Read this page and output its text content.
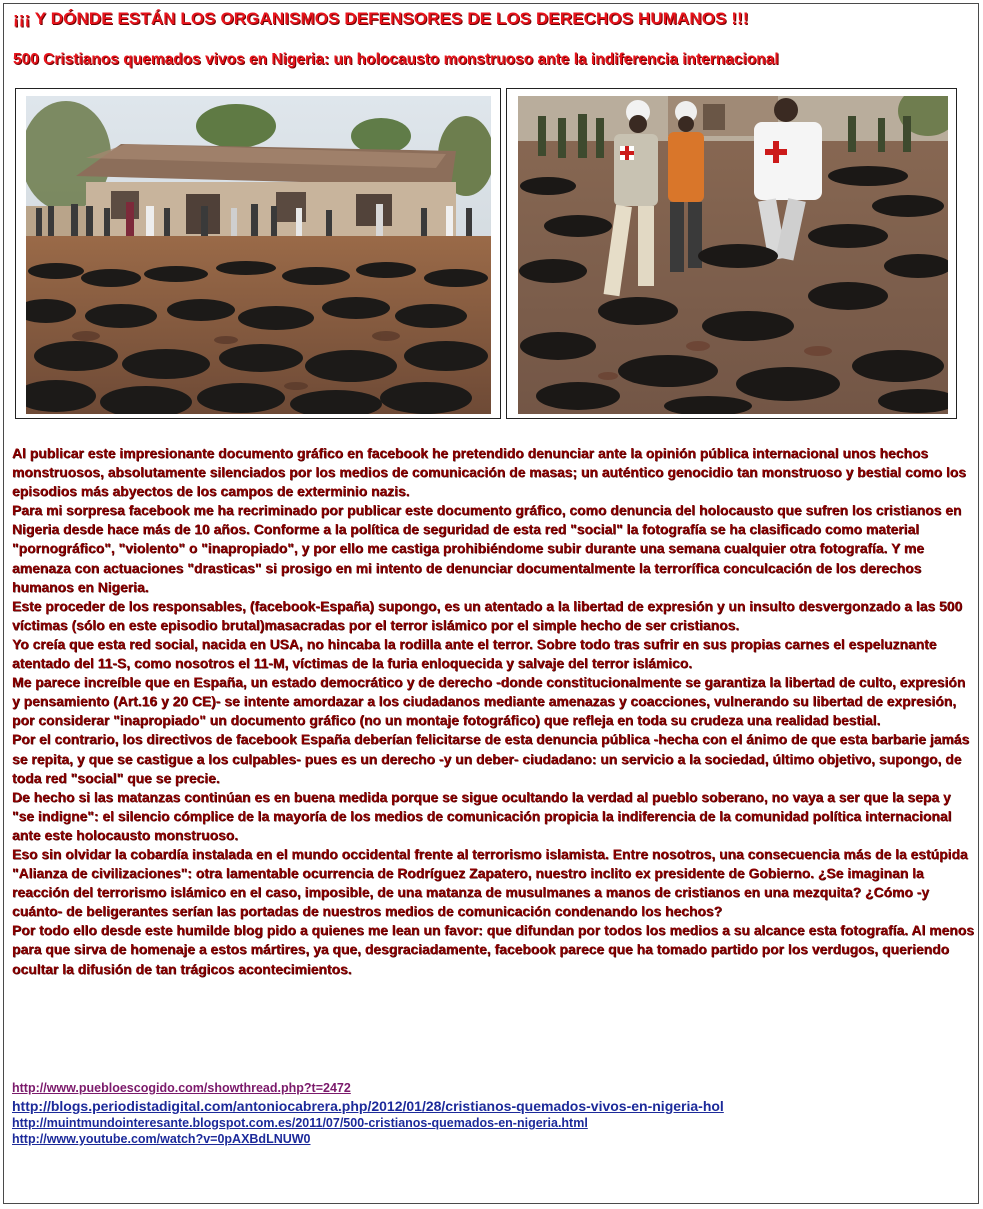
¡¡¡ Y DÓNDE ESTÁN LOS ORGANISMOS DEFENSORES DE LOS DERECHOS HUMANOS !!!
500 Cristianos quemados vivos en Nigeria: un holocausto monstruoso ante la indiferencia internacional

Al publicar este impresionante documento gráfico en facebook he pretendido denunciar ante la opinión pública internacional unos hechos monstruosos, absolutamente silenciados por los medios de comunicación de masas; un auténtico genocidio tan monstruoso y bestial como los episodios más abyectos de los campos de exterminio nazis.

Para mi sorpresa facebook me ha recriminado por publicar este documento gráfico, como denuncia del holocausto que sufren los cristianos en Nigeria desde hace más de 10 años. Conforme a la política de seguridad de esta red "social" la fotografía se ha clasificado como material "pornográfico", "violento" o "inapropiado", y por ello me castiga prohibiéndome subir durante una semana cualquier otra fotografía. Y me amenaza con actuaciones "drasticas" si prosigo en mi intento de denunciar documentalmente la terrorífica conculcación de los derechos humanos en Nigeria.

Este proceder de los responsables, (facebook-España) supongo, es un atentado a la libertad de expresión y un insulto desvergonzado a las 500 víctimas (sólo en este episodio brutal)masacradas por el terror islámico por el simple hecho de ser cristianos.

Yo creía que esta red social, nacida en USA, no hincaba la rodilla ante el terror. Sobre todo tras sufrir en sus propias carnes el espeluznante atentado del 11-S, como nosotros el 11-M, víctimas de la furia enloquecida y salvaje del terror islámico.

Me parece increíble que en España, un estado democrático y de derecho -donde constitucionalmente se garantiza la libertad de culto, expresión y pensamiento (Art.16 y 20 CE)- se intente amordazar a los ciudadanos mediante amenazas y coacciones, vulnerando su libertad de expresión, por considerar "inapropiado" un documento gráfico (no un montaje fotográfico) que refleja en toda su crudeza una realidad bestial.

Por el contrario, los directivos de facebook España deberían felicitarse de esta denuncia pública -hecha con el ánimo de que esta barbarie jamás se repita, y que se castigue a los culpables- pues es un derecho -y un deber- ciudadano: un servicio a la sociedad, último objetivo, supongo, de toda red "social" que se precie.

De hecho si las matanzas continúan es en buena medida porque se sigue ocultando la verdad al pueblo soberano, no vaya a ser que la sepa y "se indigne": el silencio cómplice de la mayoría de los medios de comunicación propicia la indiferencia de la comunidad política internacional ante este holocausto monstruoso.

Eso sin olvidar la cobardía instalada en el mundo occidental frente al terrorismo islamista. Entre nosotros, una consecuencia más de la estúpida "Alianza de civilizaciones": otra lamentable ocurrencia de Rodríguez Zapatero, nuestro inclito ex presidente de Gobierno. ¿Se imaginan la reacción del terrorismo islámico en el caso, imposible, de una matanza de musulmanes a manos de cristianos en una mezquita? ¿Cómo -y cuánto- de beligerantes serían las portadas de nuestros medios de comunicación condenando los hechos?

Por todo ello desde este humilde blog pido a quienes me lean un favor: que difundan por todos los medios a su alcance esta fotografía. Al menos para que sirva de homenaje a estos mártires, ya que, desgraciadamente, facebook parece que ha tomado partido por los verdugos, queriendo ocultar la difusión de tan trágicos acontecimientos.

http://www.puebloescogido.com/showthread.php?t=2472
http://blogs.periodistadigital.com/antoniocabrera.php/2012/01/28/cristianos-quemados-vivos-en-nigeria-hol
http://muintmundointeresante.blogspot.com.es/2011/07/500-cristianos-quemados-en-nigeria.html
http://www.youtube.com/watch?v=0pAXBdLNUW0
